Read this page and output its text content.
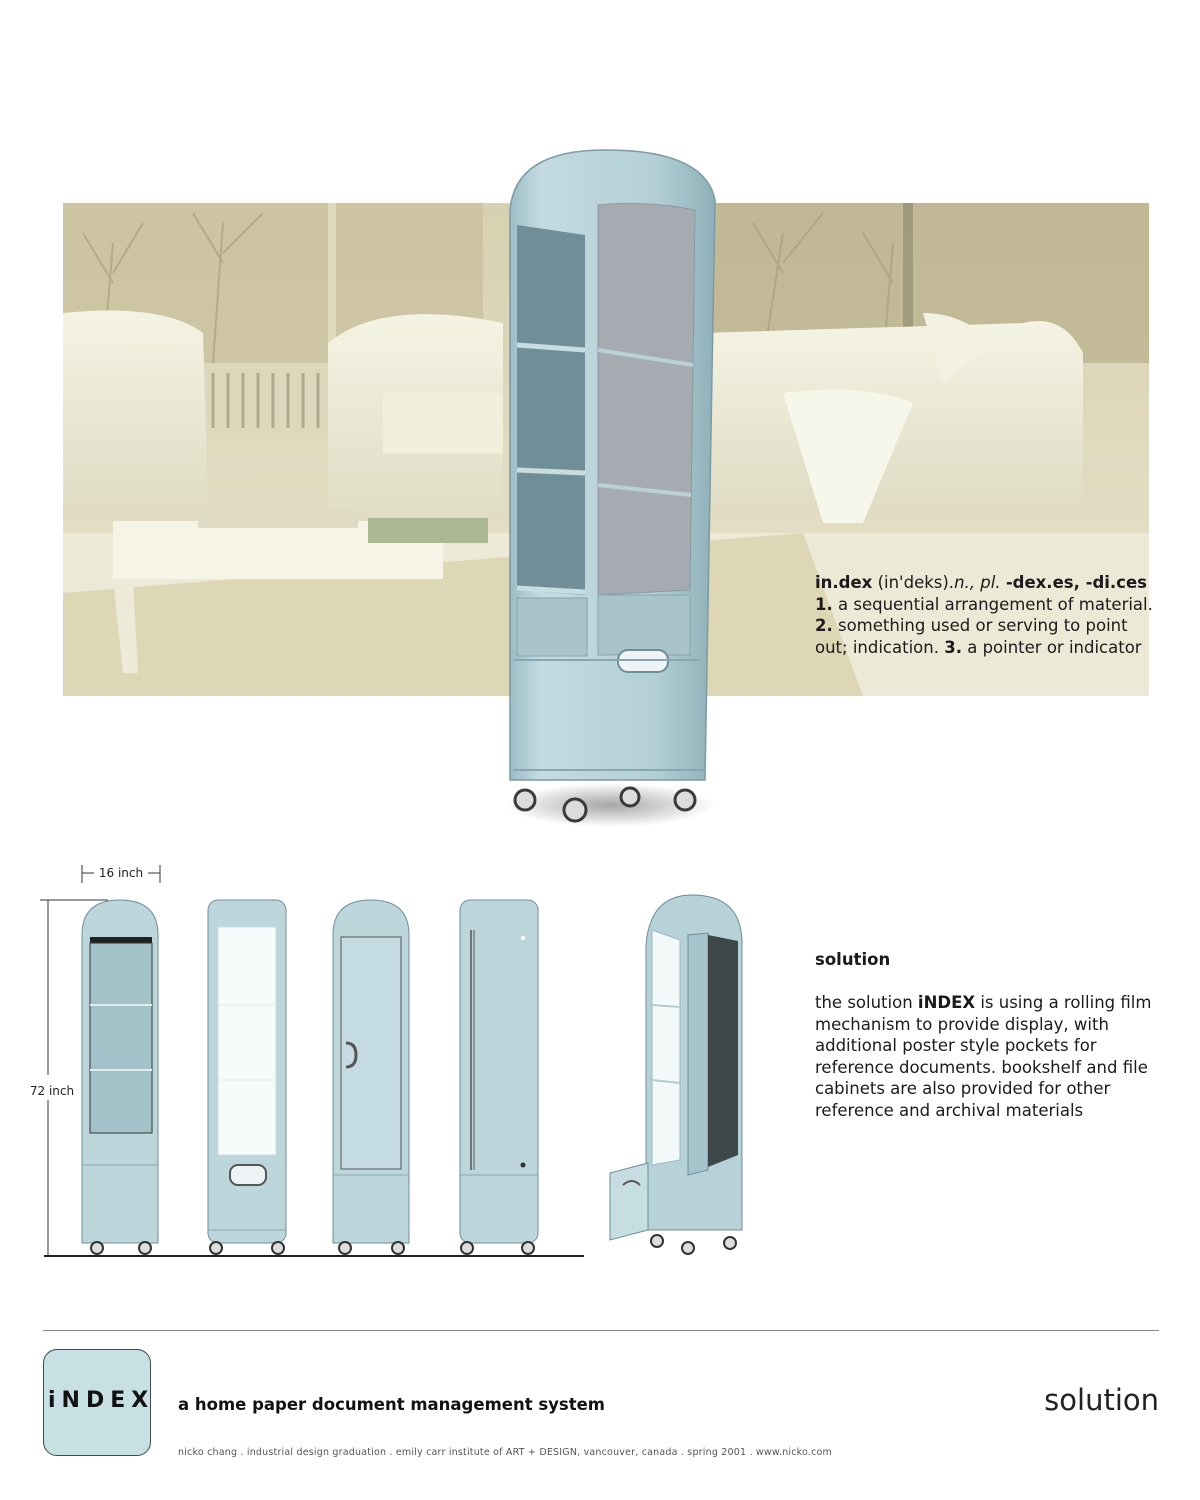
in.dex (in'deks).n., pl. -dex.es, -di.ces
1. a sequential arrangement of material. 2. something used or serving to point out; indication. 3. a pointer or indicator
16 inch
72 inch
solution
the solution iNDEX is using a rolling film mechanism to provide display, with additional poster style pockets for reference documents. bookshelf and file cabinets are also provided for other reference and archival materials
iNDEX a home paper document management system	solution
nicko chang . industrial design graduation . emily carr institute of ART + DESIGN, vancouver, canada . spring 2001 . www.nicko.com
